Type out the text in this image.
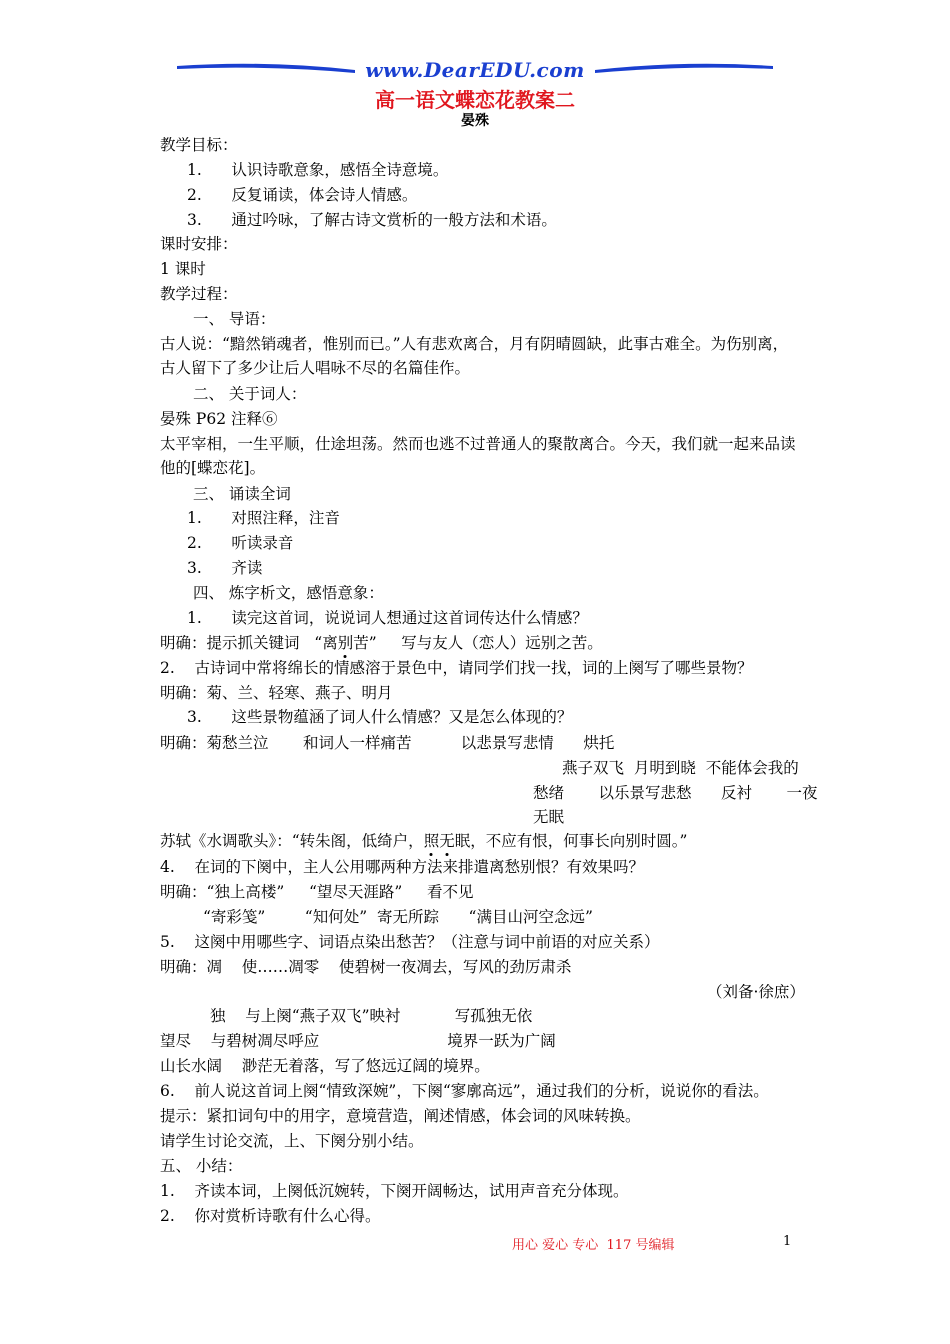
www.DearEDU.com
高一语文蝶恋花教案二
晏殊
教学目标：
1.      认识诗歌意象，感悟全诗意境。
2.      反复诵读，体会诗人情感。
3.      通过吟咏，了解古诗文赏析的一般方法和术语。
课时安排：
1 课时
教学过程：
一、 导语：
古人说：“黯然销魂者，惟别而已。”人有悲欢离合，月有阴晴圆缺，此事古难全。为伤别离，
古人留下了多少让后人唱咏不尽的名篇佳作。
二、 关于词人：
晏殊 P62 注释⑥
太平宰相，一生平顺，仕途坦荡。然而也逃不过普通人的聚散离合。今天，我们就一起来品读
他的[蝶恋花]。
三、 诵读全词
1.      对照注释，注音
2.      听读录音
3.      齐读
四、 炼字析文，感悟意象：
1.      读完这首词，说说词人想通过这首词传达什么情感？
明确：提示抓关键词   “离别苦”     写与友人（恋人）远别之苦。
2.    古诗词中常将绵长的情感溶于景色中，请同学们找一找，词的上阕写了哪些景物？
明确：菊、兰、轻寒、燕子、明月
3.      这些景物蕴涵了词人什么情感？又是怎么体现的？
明确：菊愁兰泣       和词人一样痛苦          以悲景写悲情      烘托
燕子双飞  月明到晓  不能体会我的
愁绪       以乐景写悲愁      反衬       一夜
无眠
苏轼《水调歌头》：“转朱阁，低绮户，照无眠，不应有恨，何事长向别时圆。”
4.    在词的下阕中，主人公用哪两种方法来排遣离愁别恨？有效果吗？
明确：“独上高楼”     “望尽天涯路”     看不见
“寄彩笺”        “知何处”  寄无所踪      “满目山河空念远”
5.    这阕中用哪些字、词语点染出愁苦？（注意与词中前语的对应关系）
明确：凋    使……凋零    使碧树一夜凋去，写风的劲厉肃杀
（刘备·徐庶）
独    与上阕“燕子双飞”映衬           写孤独无依
望尽    与碧树凋尽呼应                          境界一跃为广阔
山长水阔    渺茫无着落，写了悠远辽阔的境界。
6.    前人说这首词上阕“情致深婉”，下阕“寥廓高远”，通过我们的分析，说说你的看法。
提示：紧扣词句中的用字，意境营造，阐述情感，体会词的风味转换。
请学生讨论交流，上、下阕分别小结。
五、 小结：
1.    齐读本词，上阕低沉婉转，下阕开阔畅达，试用声音充分体现。
2.    你对赏析诗歌有什么心得。
用心 爱心 专心  117 号编辑	1
